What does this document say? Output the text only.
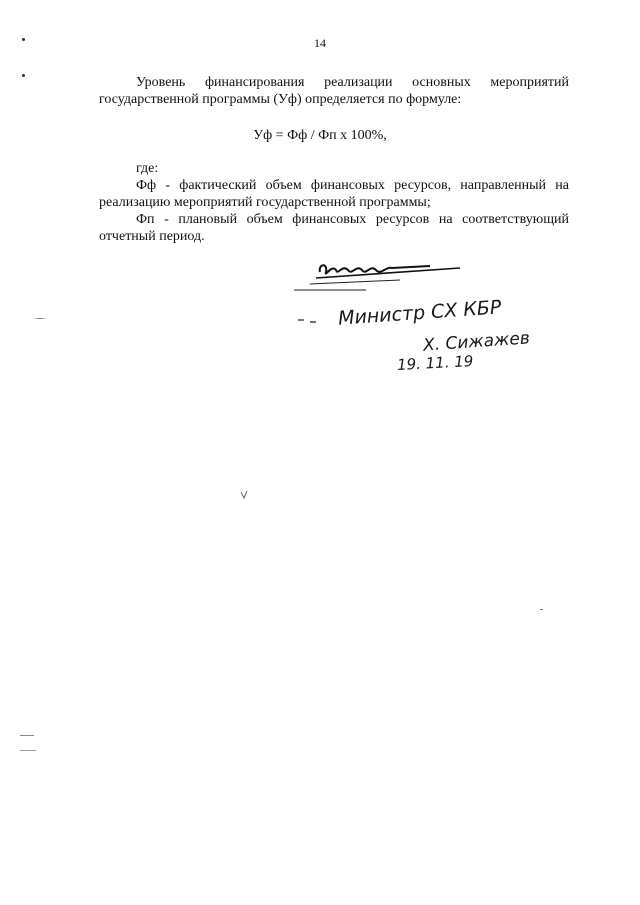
14

Уровень финансирования реализации основных мероприятий государственной программы (Уф) определяется по формуле:

Уф = Фф / Фп х 100%,

где:

Фф - фактический объем финансовых ресурсов, направленный на реализацию мероприятий государственной программы;

Фп - плановый объем финансовых ресурсов на соответствующий отчетный период.

Министр СХ КБР
Х. Сижажев
19. 11. 19
